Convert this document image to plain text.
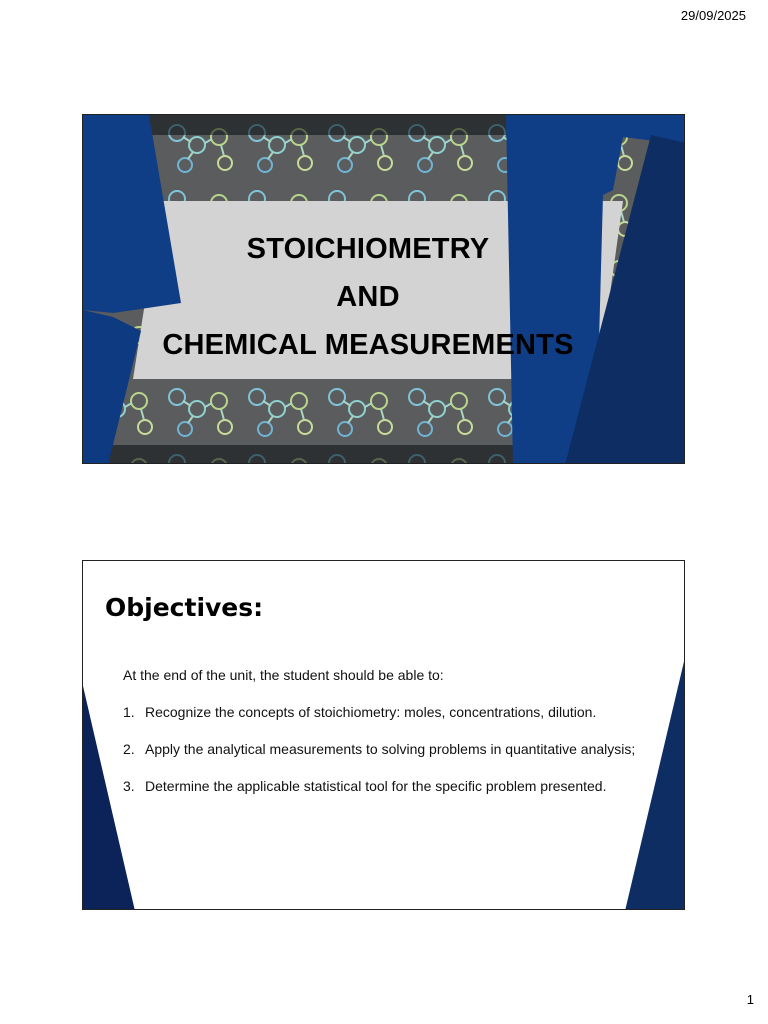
29/09/2025
STOICHIOMETRY
AND
CHEMICAL MEASUREMENTS
Objectives:
At the end of the unit, the student should be able to:
1. Recognize the concepts of stoichiometry: moles, concentrations, dilution.
2. Apply the analytical measurements to solving problems in quantitative analysis;
3. Determine the applicable statistical tool for the specific problem presented.
1
